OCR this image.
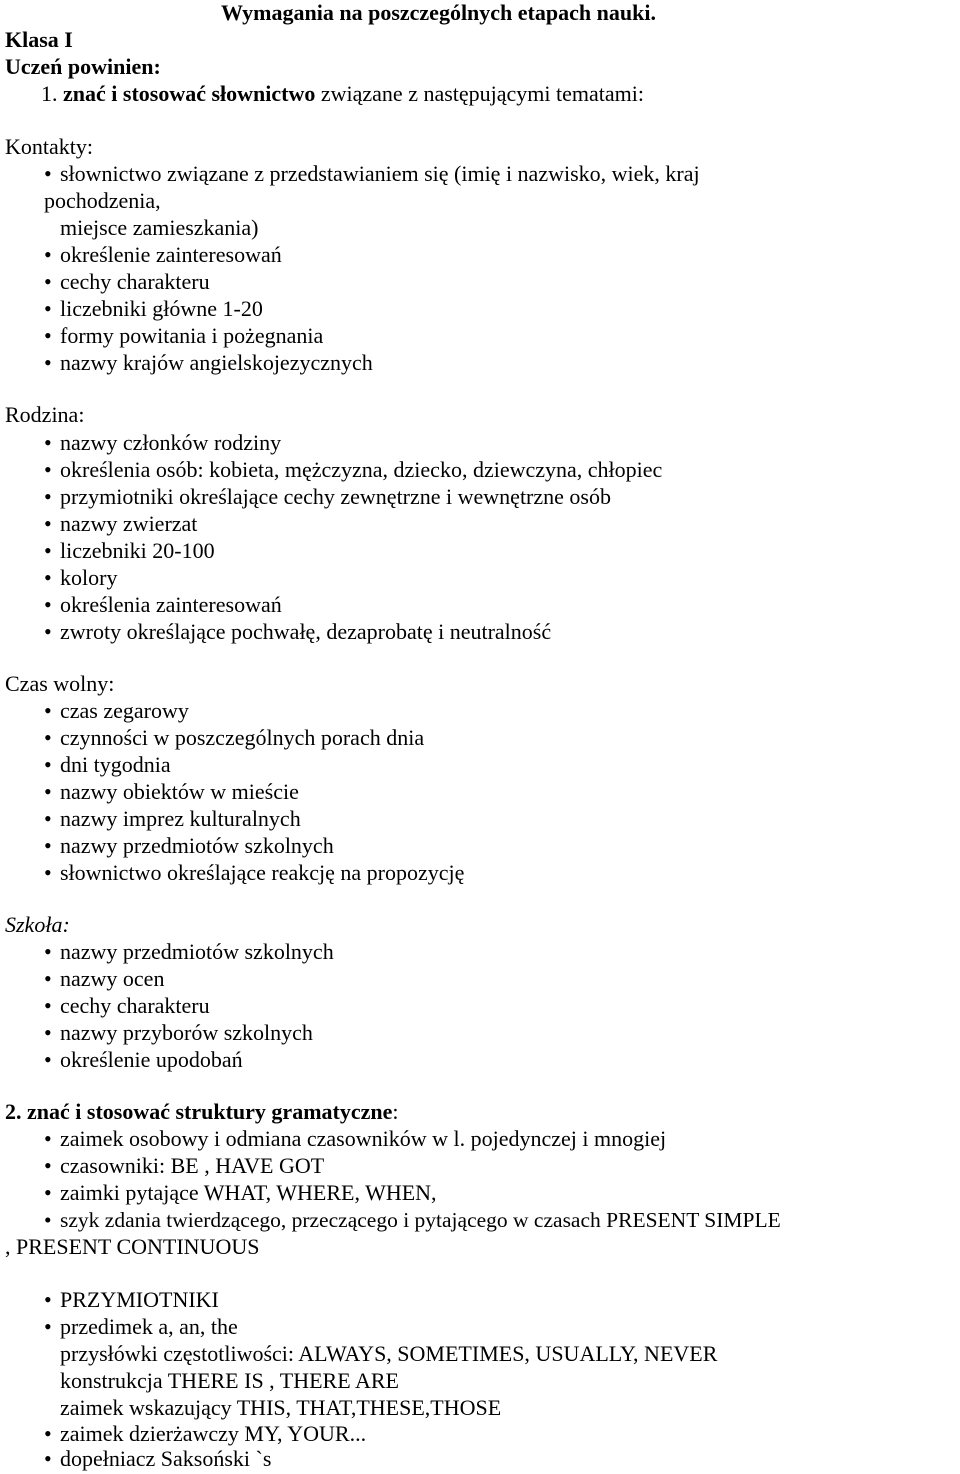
Wymagania na poszczególnych etapach nauki.
Klasa I
Uczeń powinien:
1. znać i stosować słownictwo związane z następującymi tematami:
Kontakty:
• słownictwo związane z przedstawianiem się (imię i nazwisko, wiek, kraj
pochodzenia,
miejsce zamieszkania)
• określenie zainteresowań
• cechy charakteru
• liczebniki główne 1-20
• formy powitania i pożegnania
• nazwy krajów angielskojezycznych
Rodzina:
• nazwy członków rodziny
• określenia osób: kobieta, mężczyzna, dziecko, dziewczyna, chłopiec
• przymiotniki określające cechy zewnętrzne i wewnętrzne osób
• nazwy zwierzat
• liczebniki 20-100
• kolory
• określenia zainteresowań
• zwroty określające pochwałę, dezaprobatę i neutralność
Czas wolny:
• czas zegarowy
• czynności w poszczególnych porach dnia
• dni tygodnia
• nazwy obiektów w mieście
• nazwy imprez kulturalnych
• nazwy przedmiotów szkolnych
• słownictwo określające reakcję na propozycję
Szkoła:
• nazwy przedmiotów szkolnych
• nazwy ocen
• cechy charakteru
• nazwy przyborów szkolnych
• określenie upodobań
2. znać i stosować struktury gramatyczne:
• zaimek osobowy i odmiana czasowników w l. pojedynczej i mnogiej
• czasowniki: BE , HAVE GOT
• zaimki pytające WHAT, WHERE, WHEN,
• szyk zdania twierdzącego, przeczącego i pytającego w czasach PRESENT SIMPLE
, PRESENT CONTINUOUS
• PRZYMIOTNIKI
• przedimek a, an, the
przysłówki częstotliwości: ALWAYS, SOMETIMES, USUALLY, NEVER
konstrukcja THERE IS , THERE ARE
zaimek wskazujący THIS, THAT,THESE,THOSE
• zaimek dzierżawczy MY, YOUR...
• dopełniacz Saksoński `s
